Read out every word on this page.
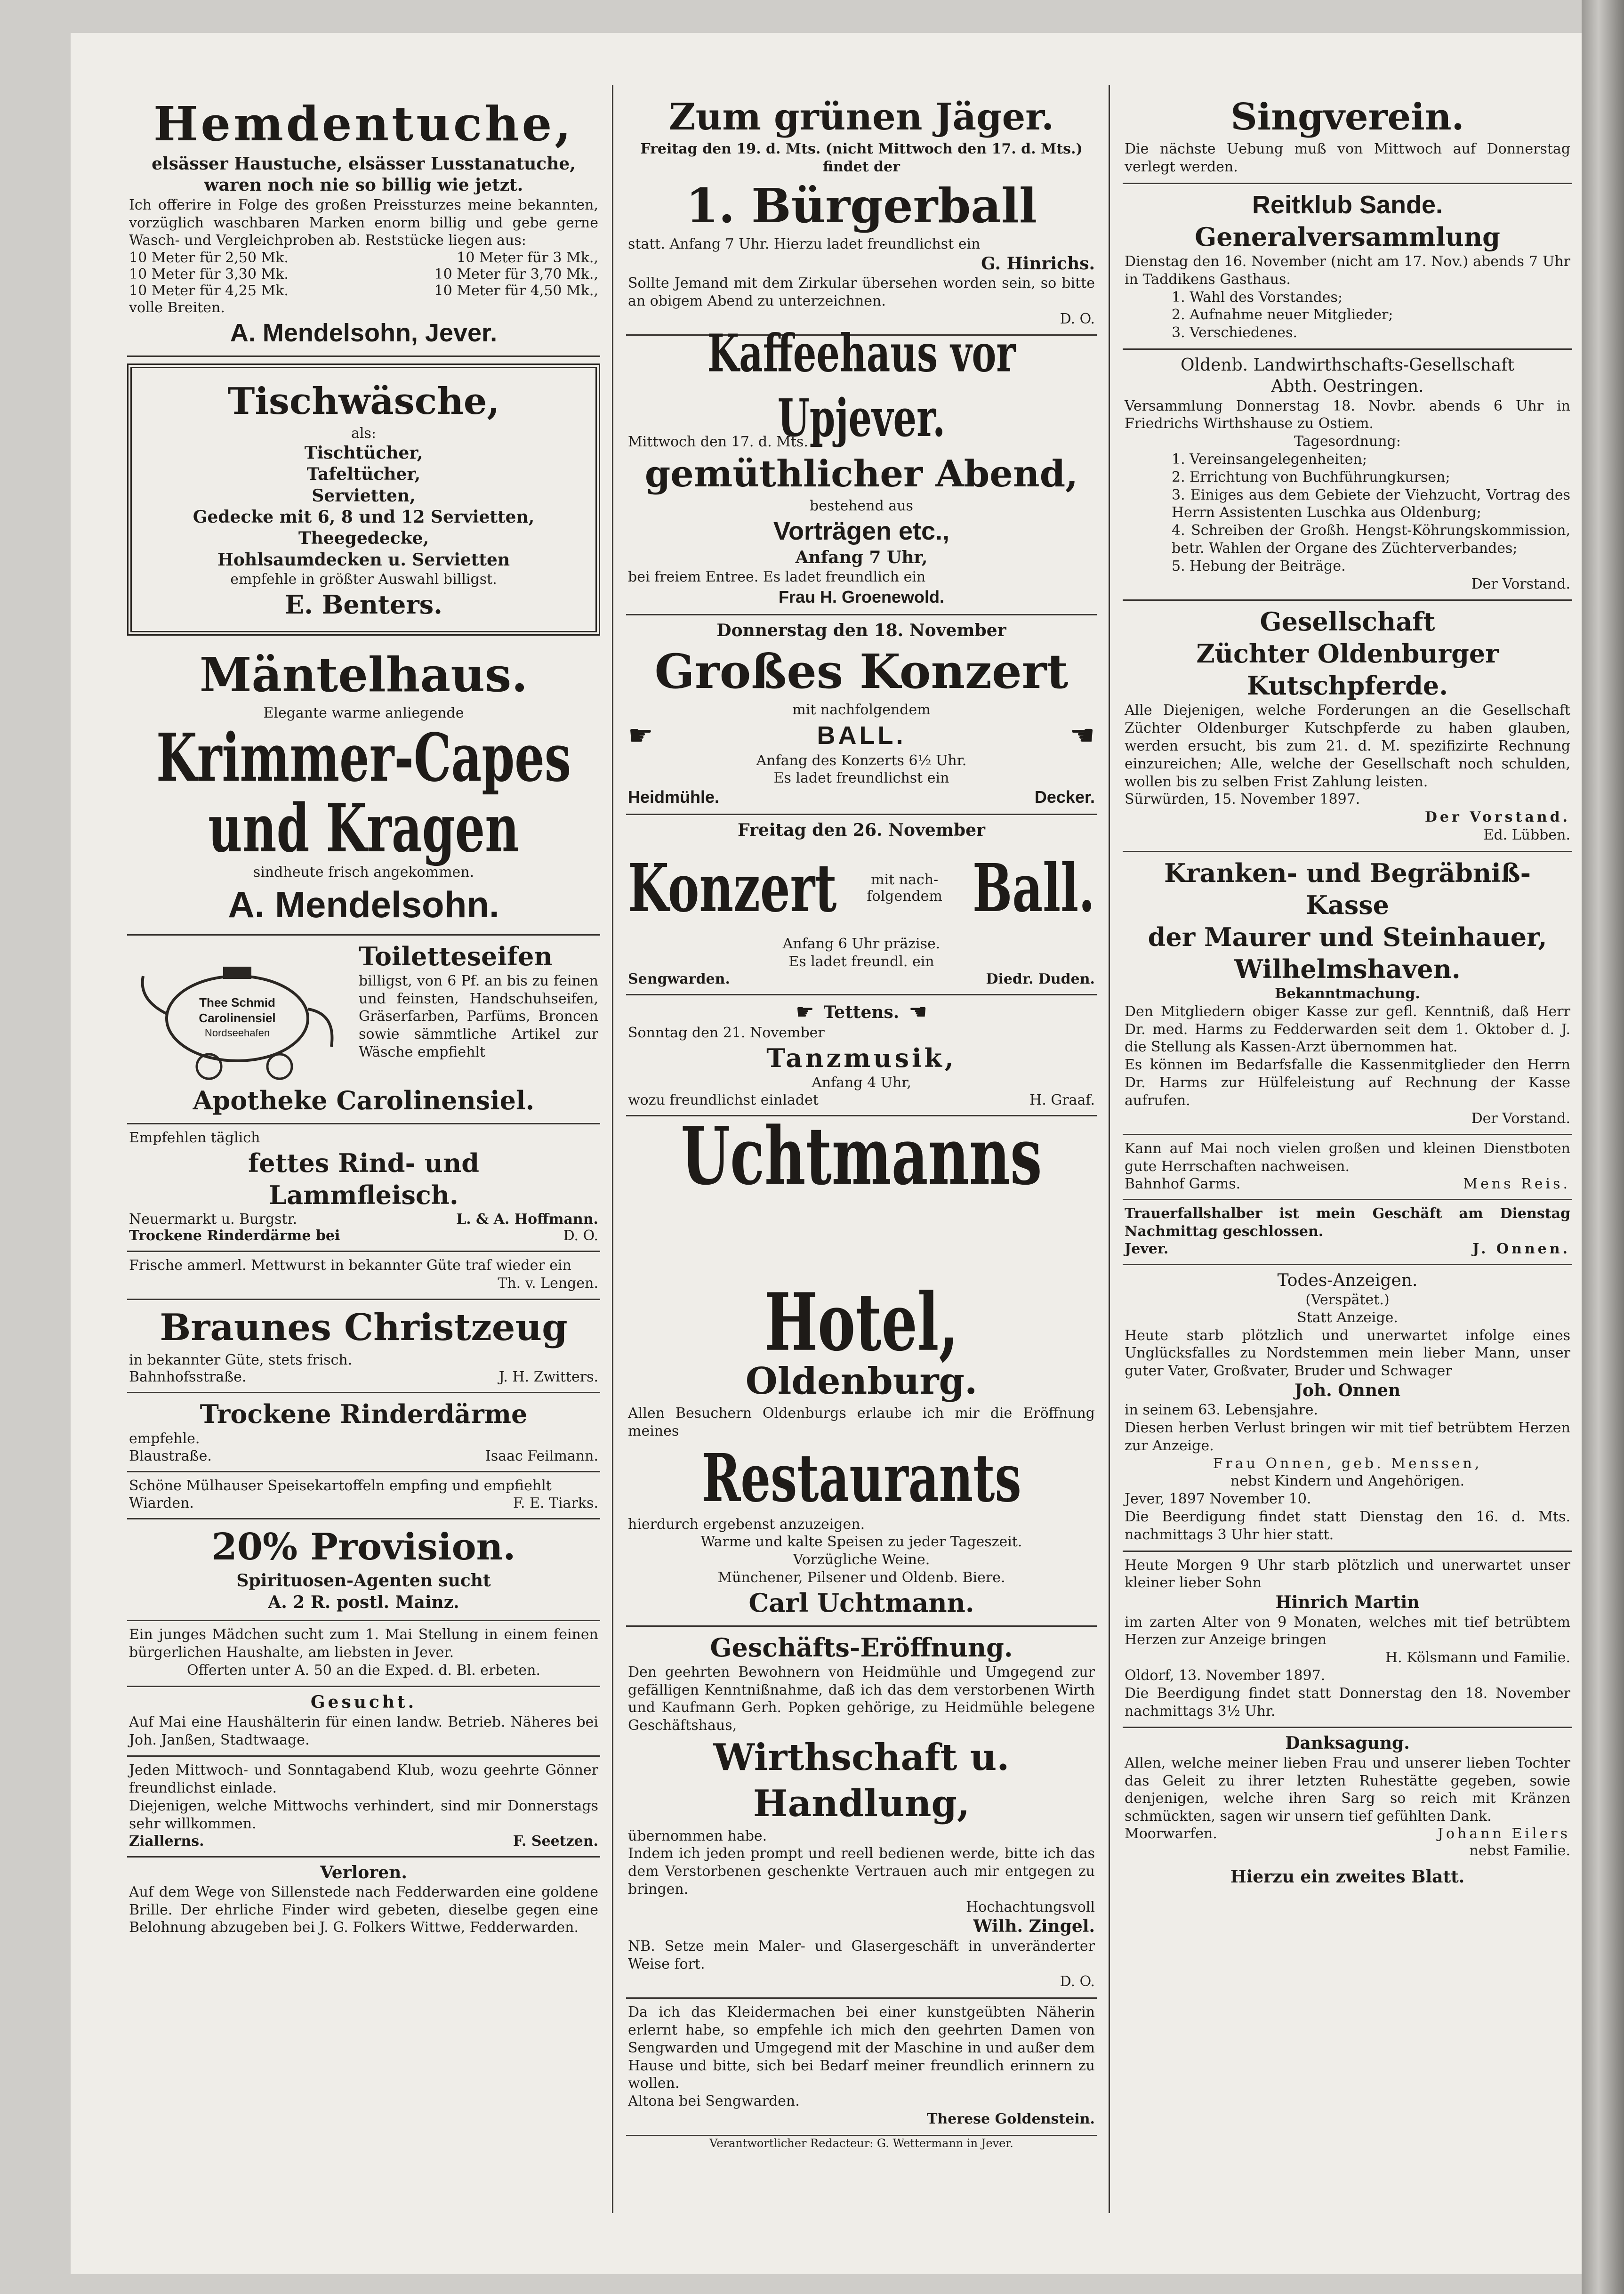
Hemdentuche,

elsässer Haustuche, elsässer Lusstanatuche,

waren noch nie so billig wie jetzt.

Ich offerire in Folge des großen Preissturzes meine bekannten, vorzüglich waschbaren Marken enorm billig und gebe gerne Wasch- und Vergleichproben ab. Reststücke liegen aus:

10 Meter für 2,50 Mk.	10 Meter für 3 Mk.,
10 Meter für 3,30 Mk.	10 Meter für 3,70 Mk.,
10 Meter für 4,25 Mk.	10 Meter für 4,50 Mk.,

volle Breiten.

A. Mendelsohn, Jever.

Tischwäsche,

als:

Tischtücher,

Tafeltücher,

Servietten,

Gedecke mit 6, 8 und 12 Servietten,

Theegedecke,

Hohlsaumdecken u. Servietten

empfehle in größter Auswahl billigst.

E. Benters.

Mäntelhaus.

Elegante warme anliegende

Krimmer-Capes

und Kragen

sindheute frisch angekommen.

A. Mendelsohn.

Thee Schmid
Carolinensiel
Nordseehafen

Toiletteseifen

billigst, von 6 Pf. an bis zu feinen und feinsten, Handschuhseifen, Gräserfarben, Parfüms, Broncen sowie sämmtliche Artikel zur Wäsche empfiehlt

Apotheke Carolinensiel.

Empfehlen täglich

fettes Rind- und

Lammfleisch.

Neuermarkt u. Burgstr.	L. & A. Hoffmann.
Trockene Rinderdärme bei	D. O.

Frische ammerl. Mettwurst in bekannter Güte traf wieder ein

Th. v. Lengen.

Braunes Christzeug

in bekannter Güte, stets frisch.

Bahnhofsstraße.	J. H. Zwitters.

Trockene Rinderdärme

empfehle.

Blaustraße.	Isaac Feilmann.

Schöne Mülhauser Speisekartoffeln empfing und empfiehlt

Wiarden.	F. E. Tiarks.

20% Provision.

Spirituosen-Agenten sucht

A. 2 R. postl. Mainz.

Ein junges Mädchen sucht zum 1. Mai Stellung in einem feinen bürgerlichen Haushalte, am liebsten in Jever.

Offerten unter A. 50 an die Exped. d. Bl. erbeten.

Gesucht.

Auf Mai eine Haushälterin für einen landw. Betrieb. Näheres bei Joh. Janßen, Stadtwaage.

Jeden Mittwoch- und Sonntagabend Klub, wozu geehrte Gönner freundlichst einlade.

Diejenigen, welche Mittwochs verhindert, sind mir Donnerstags sehr willkommen.

Ziallerns.	F. Seetzen.

Verloren.

Auf dem Wege von Sillenstede nach Fedderwarden eine goldene Brille. Der ehrliche Finder wird gebeten, dieselbe gegen eine Belohnung abzugeben bei J. G. Folkers Wittwe, Fedderwarden.

Zum grünen Jäger.

Freitag den 19. d. Mts. (nicht Mittwoch den 17. d. Mts.) findet der

1. Bürgerball

statt. Anfang 7 Uhr. Hierzu ladet freundlichst ein

G. Hinrichs.

Sollte Jemand mit dem Zirkular übersehen worden sein, so bitte an obigem Abend zu unterzeichnen.

D. O.

Kaffeehaus vor Upjever.

Mittwoch den 17. d. Mts.

gemüthlicher Abend,

bestehend aus

Vorträgen etc.,

Anfang 7 Uhr,

bei freiem Entree. Es ladet freundlich ein

Frau H. Groenewold.

Donnerstag den 18. November

Großes Konzert

mit nachfolgendem

☛	BALL.	☚

Anfang des Konzerts 6½ Uhr.

Es ladet freundlichst ein

Heidmühle.	Decker.

Freitag den 26. November

Konzert mit nach-
folgendem Ball.

Anfang 6 Uhr präzise.

Es ladet freundl. ein

Sengwarden.	Diedr. Duden.
☛ Tettens. ☚

Sonntag den 21. November

Tanzmusik,

Anfang 4 Uhr,

wozu freundlichst einladet	H. Graaf.

Uchtmanns Hotel,

Oldenburg.

Allen Besuchern Oldenburgs erlaube ich mir die Eröffnung meines

Restaurants

hierdurch ergebenst anzuzeigen.

Warme und kalte Speisen zu jeder Tageszeit.

Vorzügliche Weine.

Münchener, Pilsener und Oldenb. Biere.

Carl Uchtmann.

Geschäfts-Eröffnung.

Den geehrten Bewohnern von Heidmühle und Umgegend zur gefälligen Kenntnißnahme, daß ich das dem verstorbenen Wirth und Kaufmann Gerh. Popken gehörige, zu Heidmühle belegene Geschäftshaus,

Wirthschaft u. Handlung,

übernommen habe.

Indem ich jeden prompt und reell bedienen werde, bitte ich das dem Verstorbenen geschenkte Vertrauen auch mir entgegen zu bringen.

Hochachtungsvoll

Wilh. Zingel.

NB. Setze mein Maler- und Glasergeschäft in unveränderter Weise fort.

D. O.

Da ich das Kleidermachen bei einer kunstgeübten Näherin erlernt habe, so empfehle ich mich den geehrten Damen von Sengwarden und Umgegend mit der Maschine in und außer dem Hause und bitte, sich bei Bedarf meiner freundlich erinnern zu wollen.

Altona bei Sengwarden.

Therese Goldenstein.

Verantwortlicher Redacteur: G. Wettermann in Jever.

Singverein.

Die nächste Uebung muß von Mittwoch auf Donnerstag verlegt werden.

Reitklub Sande.

Generalversammlung

Dienstag den 16. November (nicht am 17. Nov.) abends 7 Uhr in Taddikens Gasthaus.

1. Wahl des Vorstandes;

2. Aufnahme neuer Mitglieder;

3. Verschiedenes.

Oldenb. Landwirthschafts-Gesellschaft

Abth. Oestringen.

Versammlung Donnerstag 18. Novbr. abends 6 Uhr in Friedrichs Wirthshause zu Ostiem.

Tagesordnung:

1. Vereinsangelegenheiten;

2. Errichtung von Buchführungkursen;

3. Einiges aus dem Gebiete der Viehzucht, Vortrag des Herrn Assistenten Luschka aus Oldenburg;

4. Schreiben der Großh. Hengst-Köhrungskommission, betr. Wahlen der Organe des Züchterverbandes;

5. Hebung der Beiträge.

Der Vorstand.

Gesellschaft

Züchter Oldenburger Kutschpferde.

Alle Diejenigen, welche Forderungen an die Gesellschaft Züchter Oldenburger Kutschpferde zu haben glauben, werden ersucht, bis zum 21. d. M. spezifizirte Rechnung einzureichen; Alle, welche der Gesellschaft noch schulden, wollen bis zu selben Frist Zahlung leisten.

Sürwürden, 15. November 1897.

Der Vorstand.

Ed. Lübben.

Kranken- und Begräbniß-Kasse

der Maurer und Steinhauer,

Wilhelmshaven.

Bekanntmachung.

Den Mitgliedern obiger Kasse zur gefl. Kenntniß, daß Herr Dr. med. Harms zu Fedderwarden seit dem 1. Oktober d. J. die Stellung als Kassen-Arzt übernommen hat.

Es können im Bedarfsfalle die Kassenmitglieder den Herrn Dr. Harms zur Hülfeleistung auf Rechnung der Kasse aufrufen.

Der Vorstand.

Kann auf Mai noch vielen großen und kleinen Dienstboten gute Herrschaften nachweisen.

Bahnhof Garms.	Mens Reis.

Trauerfallshalber ist mein Geschäft am Dienstag Nachmittag geschlossen.

Jever.	J. Onnen.

Todes-Anzeigen.

(Verspätet.)

Statt Anzeige.

Heute starb plötzlich und unerwartet infolge eines Unglücksfalles zu Nordstemmen mein lieber Mann, unser guter Vater, Großvater, Bruder und Schwager

Joh. Onnen

in seinem 63. Lebensjahre.

Diesen herben Verlust bringen wir mit tief betrübtem Herzen zur Anzeige.

Frau Onnen, geb. Menssen,

nebst Kindern und Angehörigen.

Jever, 1897 November 10.

Die Beerdigung findet statt Dienstag den 16. d. Mts. nachmittags 3 Uhr hier statt.

Heute Morgen 9 Uhr starb plötzlich und unerwartet unser kleiner lieber Sohn

Hinrich Martin

im zarten Alter von 9 Monaten, welches mit tief betrübtem Herzen zur Anzeige bringen

H. Kölsmann und Familie.

Oldorf, 13. November 1897.

Die Beerdigung findet statt Donnerstag den 18. November nachmittags 3½ Uhr.

Danksagung.

Allen, welche meiner lieben Frau und unserer lieben Tochter das Geleit zu ihrer letzten Ruhestätte gegeben, sowie denjenigen, welche ihren Sarg so reich mit Kränzen schmückten, sagen wir unsern tief gefühlten Dank.

Moorwarfen.	Johann Eilers

nebst Familie.

Hierzu ein zweites Blatt.
